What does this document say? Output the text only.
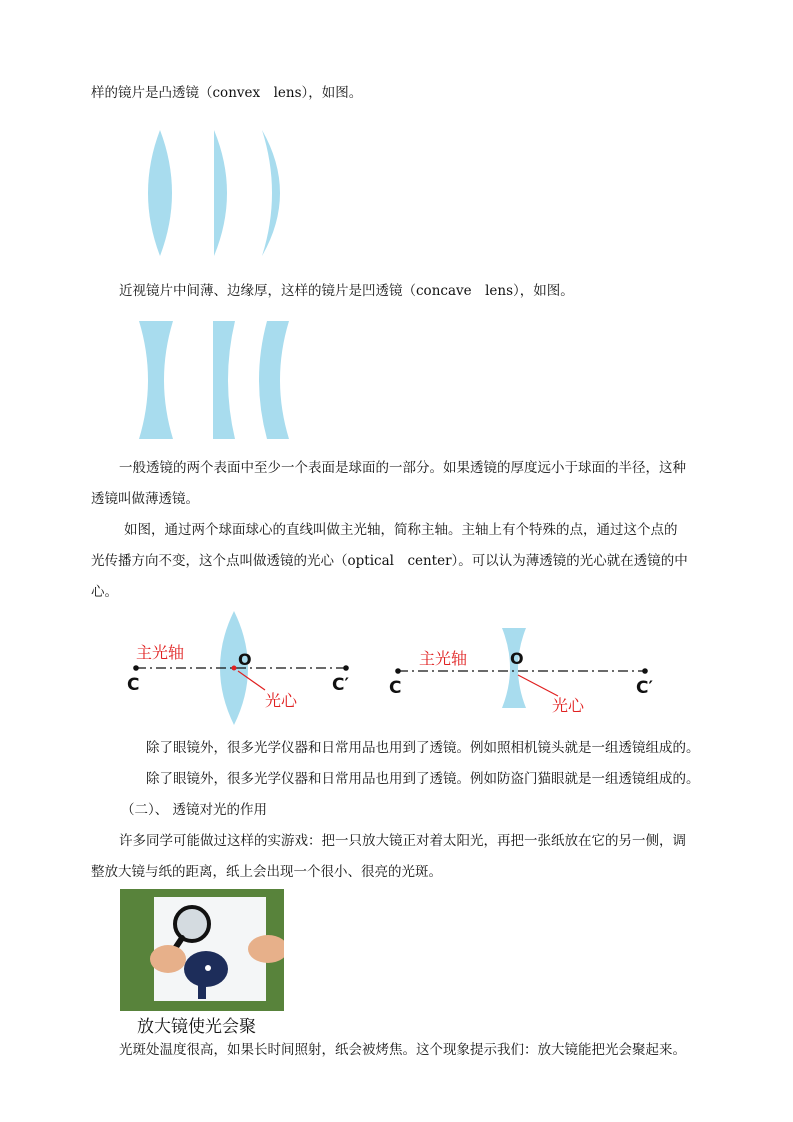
样的镜片是凸透镜（convex　lens），如图。
近视镜片中间薄、边缘厚，这样的镜片是凹透镜（concave　lens），如图。
一般透镜的两个表面中至少一个表面是球面的一部分。如果透镜的厚度远小于球面的半径，这种
透镜叫做薄透镜。
如图，通过两个球面球心的直线叫做主光轴，简称主轴。主轴上有个特殊的点，通过这个点的
光传播方向不变，这个点叫做透镜的光心（optical　center）。可以认为薄透镜的光心就在透镜的中
心。
主光轴	O
C	C′
光心
主光轴	O
C	C′
光心
除了眼镜外，很多光学仪器和日常用品也用到了透镜。例如照相机镜头就是一组透镜组成的。
除了眼镜外，很多光学仪器和日常用品也用到了透镜。例如防盗门猫眼就是一组透镜组成的。
（二）、 透镜对光的作用
许多同学可能做过这样的实游戏：把一只放大镜正对着太阳光，再把一张纸放在它的另一侧，调
整放大镜与纸的距离，纸上会出现一个很小、很亮的光斑。
放大镜使光会聚
光斑处温度很高，如果长时间照射，纸会被烤焦。这个现象提示我们：放大镜能把光会聚起来。
